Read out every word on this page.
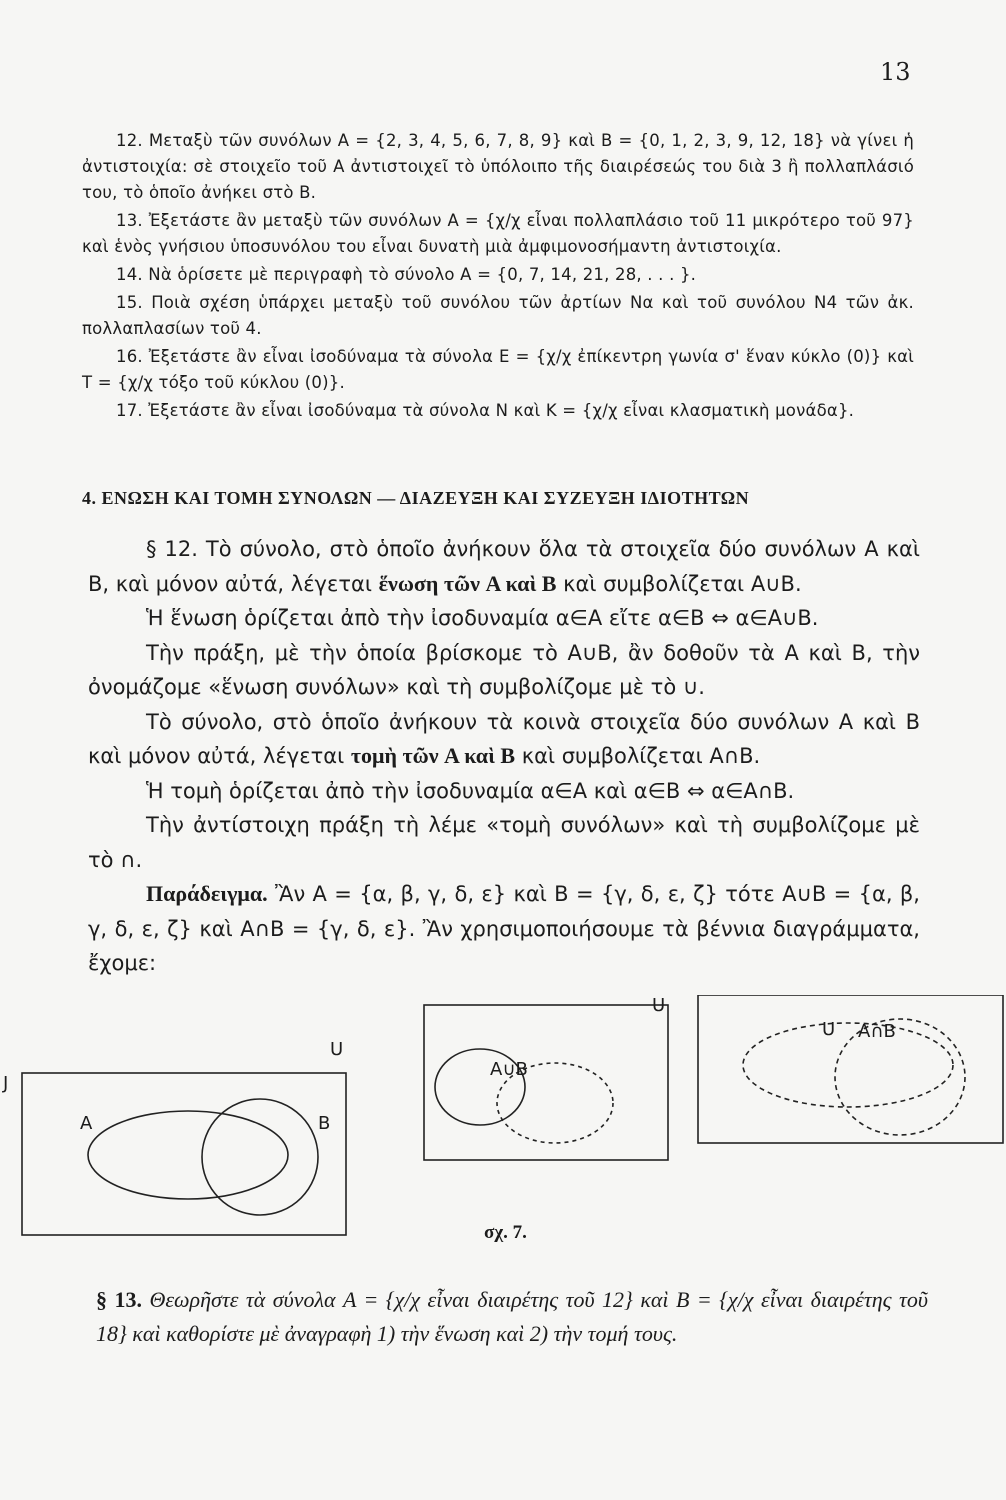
13

12. Μεταξὺ τῶν συνόλων A = {2, 3, 4, 5, 6, 7, 8, 9} καὶ B = {0, 1, 2, 3, 9, 12, 18} νὰ γίνει ἡ ἀντιστοιχία: σὲ στοιχεῖο τοῦ A ἀντιστοιχεῖ τὸ ὑπόλοιπο τῆς διαιρέσεώς του διὰ 3 ἢ πολλαπλάσιό του, τὸ ὁποῖο ἀνήκει στὸ B.

13. Ἐξετάστε ἂν μεταξὺ τῶν συνόλων A = {χ/χ εἶναι πολλαπλάσιο τοῦ 11 μικρότερο τοῦ 97} καὶ ἑνὸς γνήσιου ὑποσυνόλου του εἶναι δυνατὴ μιὰ ἀμφιμονοσήμαντη ἀντιστοιχία.

14. Νὰ ὁρίσετε μὲ περιγραφὴ τὸ σύνολο A = {0, 7, 14, 21, 28, . . . }.

15. Ποιὰ σχέση ὑπάρχει μεταξὺ τοῦ συνόλου τῶν ἀρτίων Nα καὶ τοῦ συνόλου N4 τῶν ἀκ. πολλαπλασίων τοῦ 4.

16. Ἐξετάστε ἂν εἶναι ἰσοδύναμα τὰ σύνολα E = {χ/χ ἐπίκεντρη γωνία σ' ἕναν κύκλο (0)} καὶ T = {χ/χ τόξο τοῦ κύκλου (0)}.

17. Ἐξετάστε ἂν εἶναι ἰσοδύναμα τὰ σύνολα N καὶ K = {χ/χ εἶναι κλασματικὴ μονάδα}.

4. ΕΝΩΣΗ ΚΑΙ ΤΟΜΗ ΣΥΝΟΛΩΝ — ΔΙΑΖΕΥΞΗ ΚΑΙ ΣΥΖΕΥΞΗ ΙΔΙΟΤΗΤΩΝ

§ 12. Τὸ σύνολο, στὸ ὁποῖο ἀνήκουν ὅλα τὰ στοιχεῖα δύο συνόλων A καὶ B, καὶ μόνον αὐτά, λέγεται ἕνωση τῶν A καὶ B καὶ συμβολίζεται A∪B.

Ἡ ἕνωση ὁρίζεται ἀπὸ τὴν ἰσοδυναμία α∈A εἴτε α∈B ⇔ α∈A∪B.

Τὴν πράξη, μὲ τὴν ὁποία βρίσκομε τὸ A∪B, ἂν δοθοῦν τὰ A καὶ B, τὴν ὀνομάζομε «ἕνωση συνόλων» καὶ τὴ συμβολίζομε μὲ τὸ ∪.

Τὸ σύνολο, στὸ ὁποῖο ἀνήκουν τὰ κοινὰ στοιχεῖα δύο συνόλων A καὶ B καὶ μόνον αὐτά, λέγεται τομὴ τῶν A καὶ B καὶ συμβολίζεται A∩B.

Ἡ τομὴ ὁρίζεται ἀπὸ τὴν ἰσοδυναμία α∈A καὶ α∈B ⇔ α∈A∩B.

Τὴν ἀντίστοιχη πράξη τὴ λέμε «τομὴ συνόλων» καὶ τὴ συμβολίζομε μὲ τὸ ∩.

Παράδειγμα. Ἂν A = {α, β, γ, δ, ε} καὶ B = {γ, δ, ε, ζ} τότε A∪B = {α, β, γ, δ, ε, ζ} καὶ A∩B = {γ, δ, ε}. Ἂν χρησιμοποιήσουμε τὰ βέννια διαγράμματα, ἔχομε:

J
U
A	B
U
A∪B
U A∩B
σχ. 7.
§ 13. Θεωρῆστε τὰ σύνολα A = {χ/χ εἶναι διαιρέτης τοῦ 12} καὶ B = {χ/χ εἶναι διαιρέτης τοῦ 18} καὶ καθορίστε μὲ ἀναγραφὴ 1) τὴν ἕνωση καὶ 2) τὴν τομή τους.
